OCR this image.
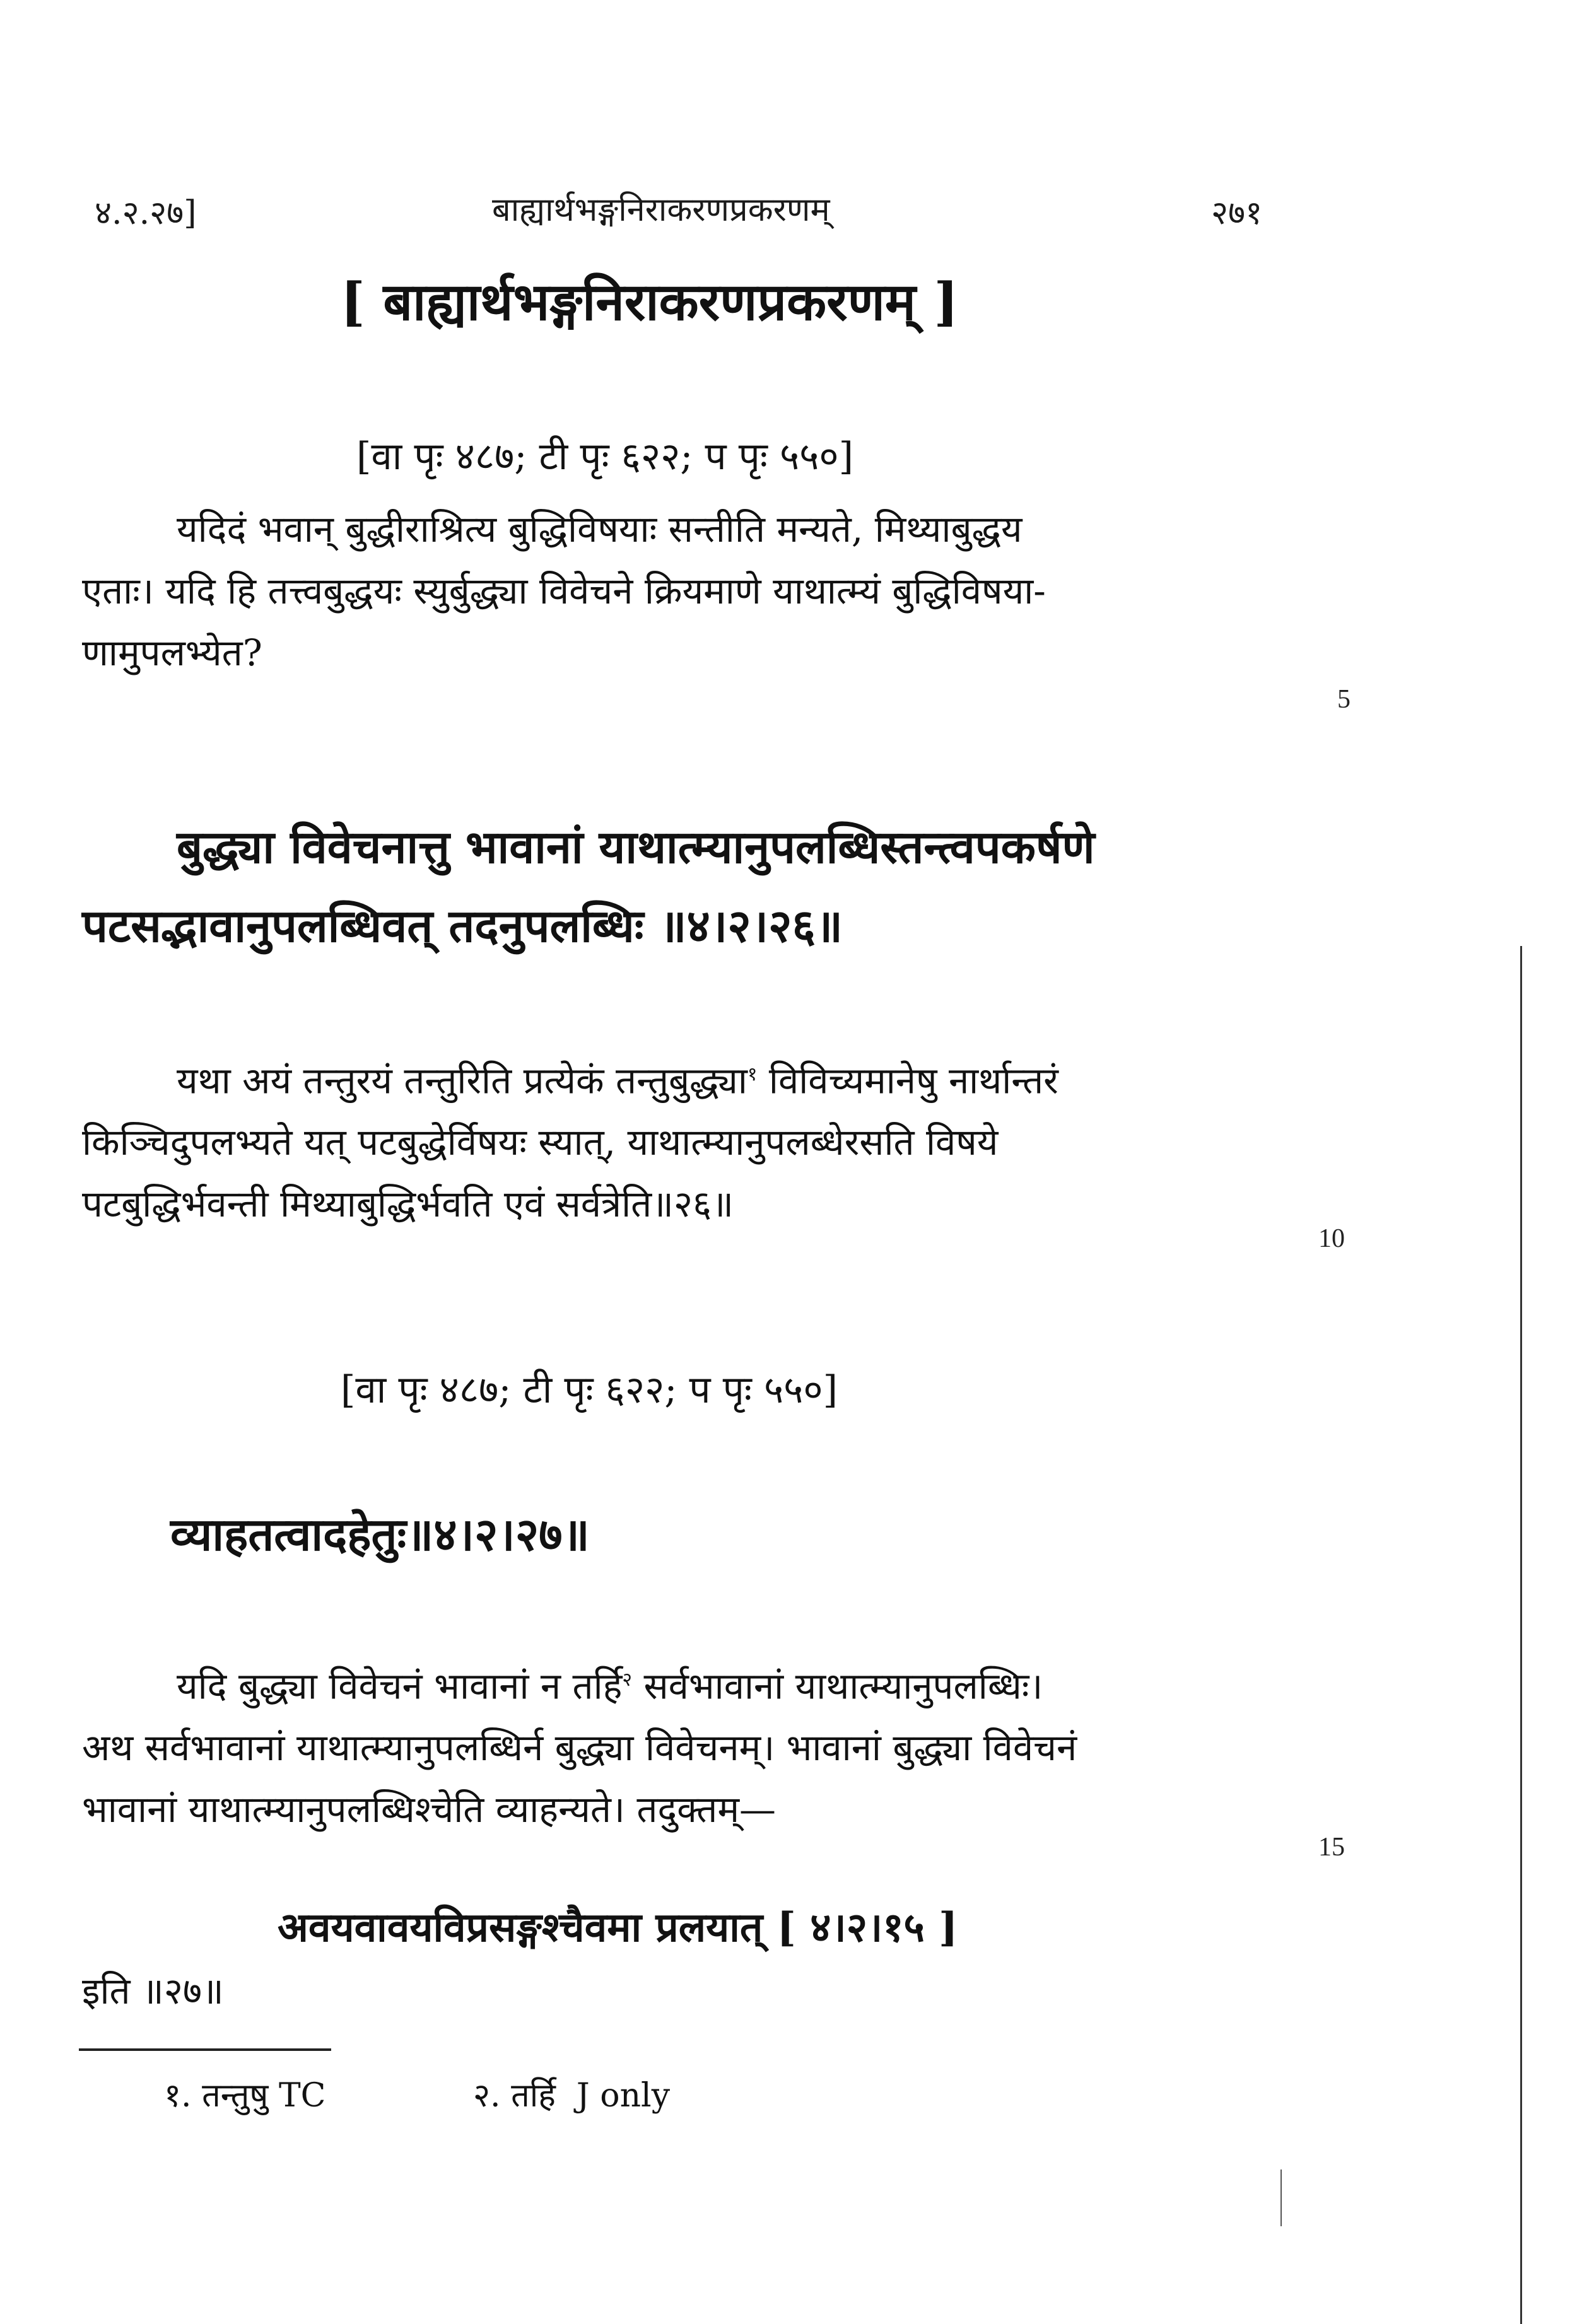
४.२.२७]	बाह्यार्थभङ्गनिराकरणप्रकरणम्	२७१
[ बाह्यार्थभङ्गनिराकरणप्रकरणम् ]
[वा पृः ४८७; टी पृः ६२२; प पृः ५५०]
यदिदं भवान् बुद्धीराश्रित्य बुद्धिविषयाः सन्तीति मन्यते, मिथ्याबुद्धय
एताः। यदि हि तत्त्वबुद्धयः स्युर्बुद्ध्या विवेचने क्रियमाणे याथात्म्यं बुद्धिविषया-
णामुपलभ्येत?
5
बुद्ध्या विवेचनात्तु भावानां याथात्म्यानुपलब्धिस्तन्त्वपकर्षणे
पटसद्भावानुपलब्धिवत् तदनुपलब्धिः ॥४।२।२६॥
यथा अयं तन्तुरयं तन्तुरिति प्रत्येकं तन्तुबुद्ध्या$^१$ विविच्यमानेषु नार्थान्तरं
किञ्चिदुपलभ्यते यत् पटबुद्धेर्विषयः स्यात्, याथात्म्यानुपलब्धेरसति विषये
पटबुद्धिर्भवन्ती मिथ्याबुद्धिर्भवति एवं सर्वत्रेति॥२६॥
10
[वा पृः ४८७; टी पृः ६२२; प पृः ५५०]
व्याहतत्वादहेतुः॥४।२।२७॥
यदि बुद्ध्या विवेचनं भावानां न तर्हि$^२$ सर्वभावानां याथात्म्यानुपलब्धिः।
अथ सर्वभावानां याथात्म्यानुपलब्धिर्न बुद्ध्या विवेचनम्। भावानां बुद्ध्या विवेचनं
भावानां याथात्म्यानुपलब्धिश्चेति व्याहन्यते। तदुक्तम्—
15
अवयवावयविप्रसङ्गश्चैवमा प्रलयात् [ ४।२।१५ ]
इति ॥२७॥
१. तन्तुषु TC	२. तर्हि  J only
